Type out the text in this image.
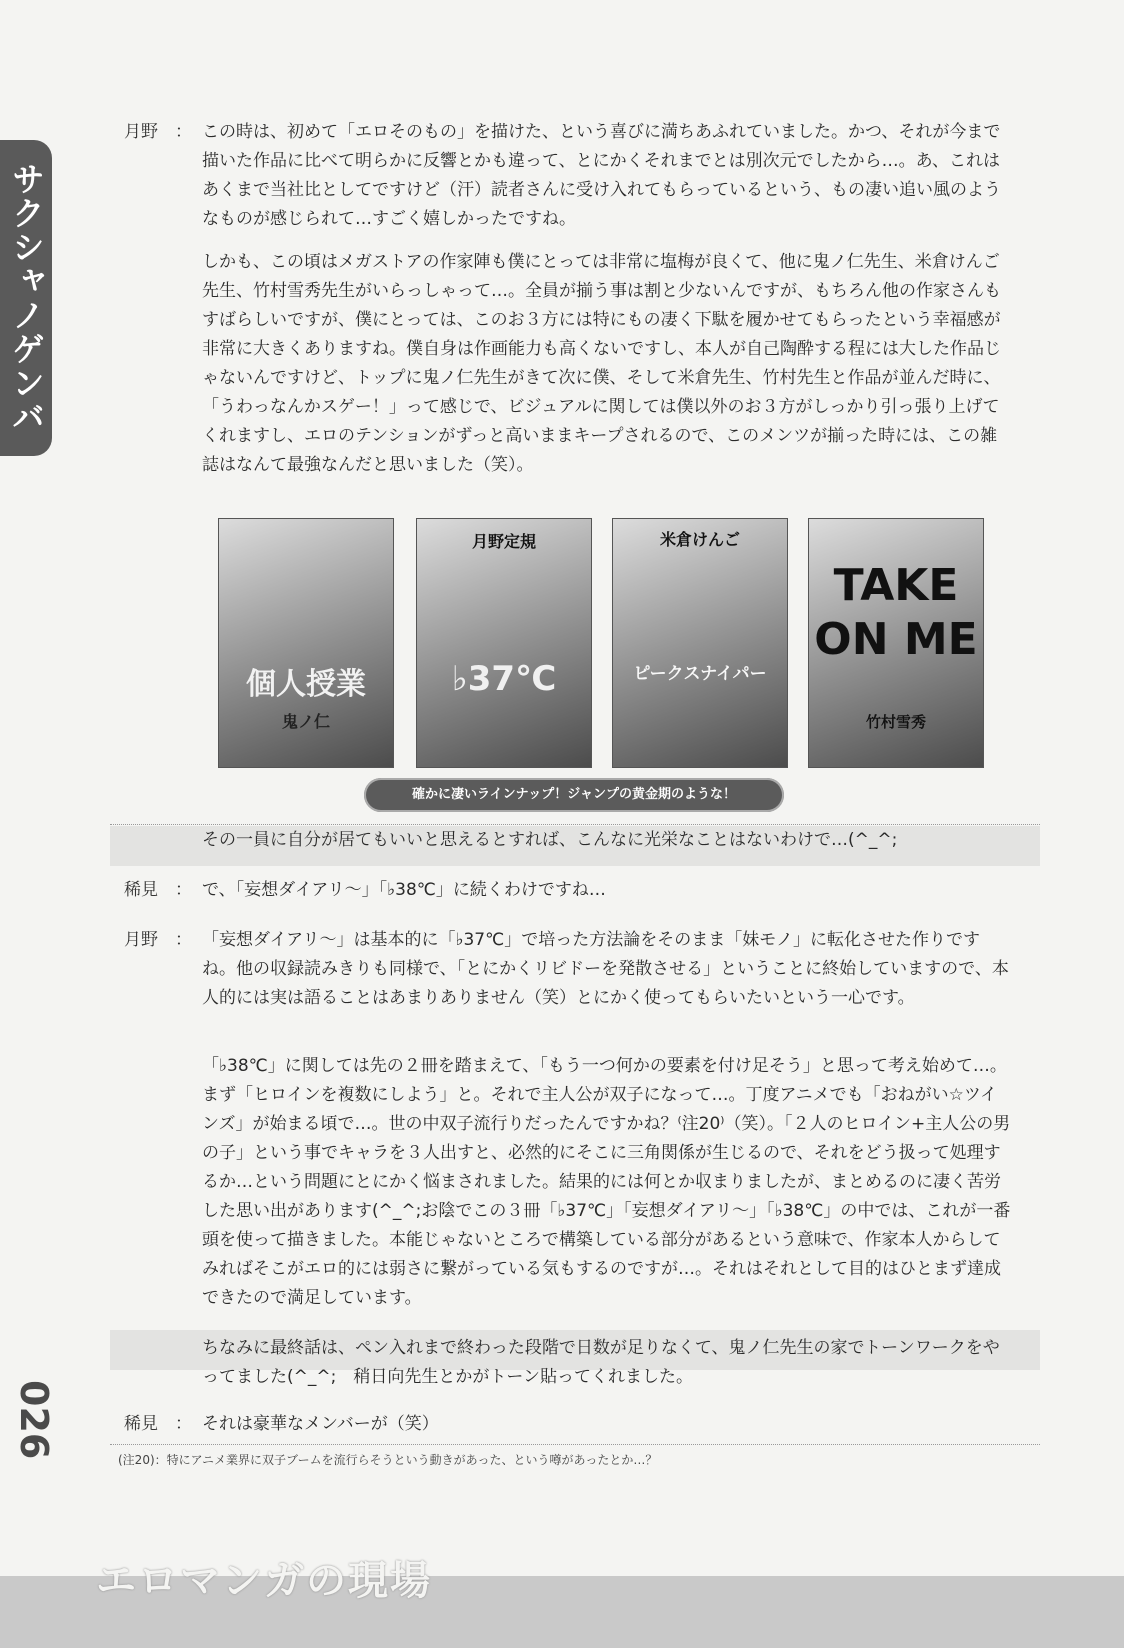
サクシャノゲンバ
月野　 ： この時は、初めて「エロそのもの」を描けた、という喜びに満ちあふれていました。かつ、それが今まで描いた作品に比べて明らかに反響とかも違って、とにかくそれまでとは別次元でしたから…。あ、これはあくまで当社比としてですけど（汗）読者さんに受け入れてもらっているという、もの凄い追い風のようなものが感じられて…すごく嬉しかったですね。

しかも、この頃はメガストアの作家陣も僕にとっては非常に塩梅が良くて、他に鬼ノ仁先生、米倉けんご先生、竹村雪秀先生がいらっしゃって…。全員が揃う事は割と少ないんですが、もちろん他の作家さんもすばらしいですが、僕にとっては、このお３方には特にもの凄く下駄を履かせてもらったという幸福感が非常に大きくありますね。僕自身は作画能力も高くないですし、本人が自己陶酔する程には大した作品じゃないんですけど、トップに鬼ノ仁先生がきて次に僕、そして米倉先生、竹村先生と作品が並んだ時に、「うわっなんかスゲー！」って感じで、ビジュアルに関しては僕以外のお３方がしっかり引っ張り上げてくれますし、エロのテンションがずっと高いままキープされるので、このメンツが揃った時には、この雑誌はなんて最強なんだと思いました（笑）。

個人授業
鬼ノ仁
月野定規
♭37℃
米倉けんご
ピークスナイパー
TAKE ON ME
竹村雪秀
確かに凄いラインナップ！ジャンプの黄金期のような！

その一員に自分が居てもいいと思えるとすれば、こんなに光栄なことはないわけで…(^_^;

稀見　 ： で、「妄想ダイアリ～」「♭38℃」に続くわけですね…

月野　 ： 「妄想ダイアリ～」は基本的に「♭37℃」で培った方法論をそのまま「妹モノ」に転化させた作りですね。他の収録読みきりも同様で、「とにかくリビドーを発散させる」ということに終始していますので、本人的には実は語ることはあまりありません（笑）とにかく使ってもらいたいという一心です。

「♭38℃」に関しては先の２冊を踏まえて、「もう一つ何かの要素を付け足そう」と思って考え始めて…。まず「ヒロインを複数にしよう」と。それで主人公が双子になって…。丁度アニメでも「おねがい☆ツインズ」が始まる頃で…。世の中双子流行りだったんですかね？⁽注20⁾（笑）。「２人のヒロイン+主人公の男の子」という事でキャラを３人出すと、必然的にそこに三角関係が生じるので、それをどう扱って処理するか…という問題にとにかく悩まされました。結果的には何とか収まりましたが、まとめるのに凄く苦労した思い出があります(^_^;お陰でこの３冊「♭37℃」「妄想ダイアリ～」「♭38℃」の中では、これが一番頭を使って描きました。本能じゃないところで構築している部分があるという意味で、作家本人からしてみればそこがエロ的には弱さに繋がっている気もするのですが…。それはそれとして目的はひとまず達成できたので満足しています。

ちなみに最終話は、ペン入れまで終わった段階で日数が足りなくて、鬼ノ仁先生の家でトーンワークをやってました(^_^;　稍日向先生とかがトーン貼ってくれました。

稀見　 ： それは豪華なメンバーが（笑）

026
(注20)：特にアニメ業界に双子ブームを流行らそうという動きがあった、という噂があったとか…？
エロマンガの現場
